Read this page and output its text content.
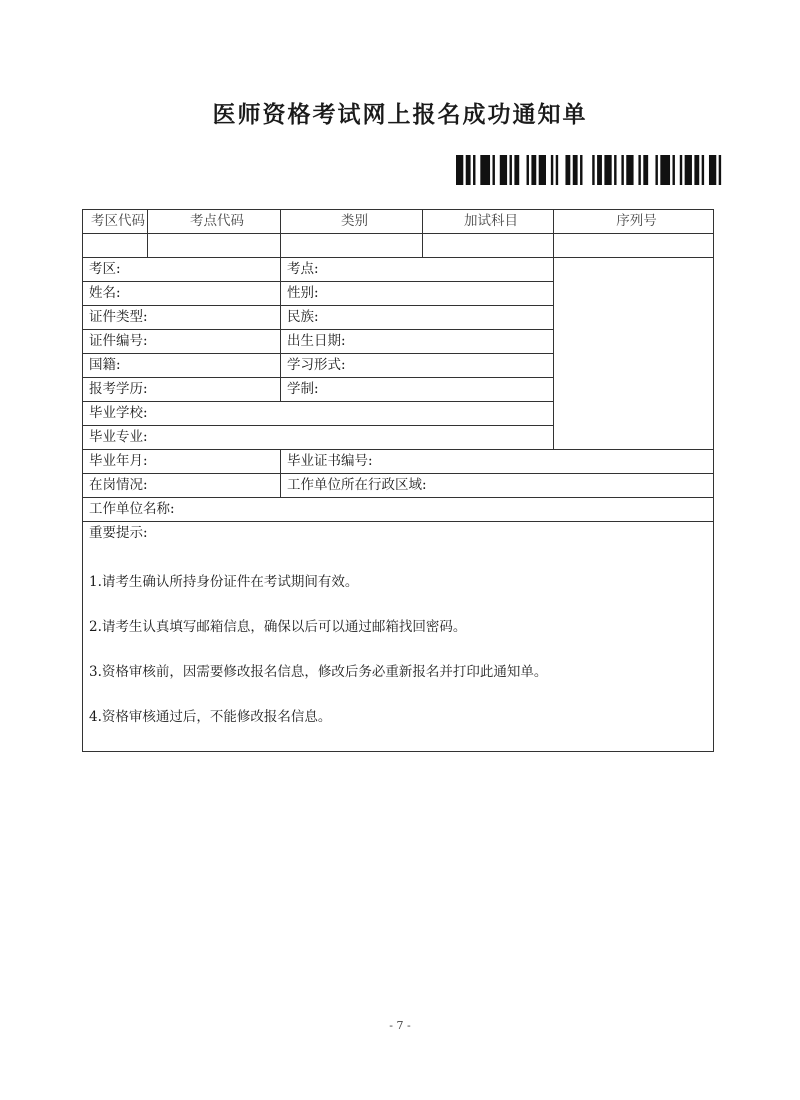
医师资格考试网上报名成功通知单
考区代码	考点代码	类别	加试科目	序列号

考区:		考点:		
姓名:		性别:		
证件类型:		民族:		
证件编号:		出生日期:		
国籍:		学习形式:		
报考学历:		学制:		
毕业学校:				
毕业专业:				
毕业年月:		毕业证书编号:		
在岗情况:		工作单位所在行政区域:		
工作单位名称:				

重要提示:
1.请考生确认所持身份证件在考试期间有效。
2.请考生认真填写邮箱信息，确保以后可以通过邮箱找回密码。
3.资格审核前，因需要修改报名信息，修改后务必重新报名并打印此通知单。
4.资格审核通过后，不能修改报名信息。				
- 7 -
